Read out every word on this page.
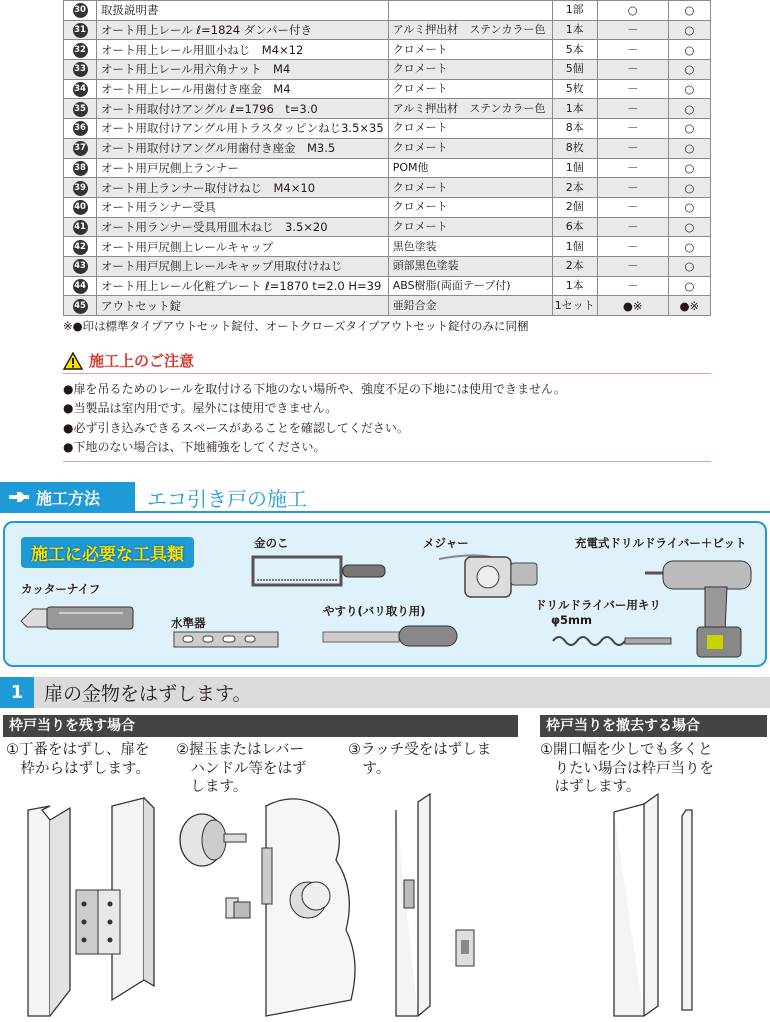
30	取扱説明書		1部	○	○
31	オート用上レール ℓ=1824 ダンパー付き	アルミ押出材　ステンカラー色	1本	－	○
32	オート用上レール用皿小ねじ　M4×12	クロメート	5本	－	○
33	オート用上レール用六角ナット　M4	クロメート	5個	－	○
34	オート用上レール用歯付き座金　M4	クロメート	5枚	－	○
35	オート用取付けアングル ℓ=1796　t=3.0	アルミ押出材　ステンカラー色	1本	－	○
36	オート用取付けアングル用トラスタッピンねじ3.5×35	クロメート	8本	－	○
37	オート用取付けアングル用歯付き座金　M3.5	クロメート	8枚	－	○
38	オート用戸尻側上ランナー	POM他	1個	－	○
39	オート用上ランナー取付けねじ　M4×10	クロメート	2本	－	○
40	オート用ランナー受具	クロメート	2個	－	○
41	オート用ランナー受具用皿木ねじ　3.5×20	クロメート	6本	－	○
42	オート用戸尻側上レールキャップ	黒色塗装	1個	－	○
43	オート用戸尻側上レールキャップ用取付けねじ	頭部黒色塗装	2本	－	○
44	オート用上レール化粧プレート ℓ=1870 t=2.0 H=39	ABS樹脂(両面テープ付)	1本	－	○
45	アウトセット錠	亜鉛合金	1セット	●※	●※
※●印は標準タイプアウトセット錠付、オートクローズタイプアウトセット錠付のみに同梱
施工上のご注意
●扉を吊るためのレールを取付ける下地のない場所や、強度不足の下地には使用できません。
●当製品は室内用です。屋外には使用できません。
●必ず引き込みできるスペースがあることを確認してください。
●下地のない場合は、下地補強をしてください。
施工方法	エコ引き戸の施工
施工に必要な工具類
金のこ	メジャー	充電式ドリルドライバー＋ビット
カッターナイフ
水準器
やすり(バリ取り用)	ドリルドライバー用キリ
φ5mm
1	扉の金物をはずします。
枠戸当りを残す場合	枠戸当りを撤去する場合
①丁番をはずし、扉を
　枠からはずします。
②握玉またはレバー
　ハンドル等をはず
　します。
③ラッチ受をはずしま
　す。
①開口幅を少しでも多くと
　りたい場合は枠戸当りを
　はずします。
